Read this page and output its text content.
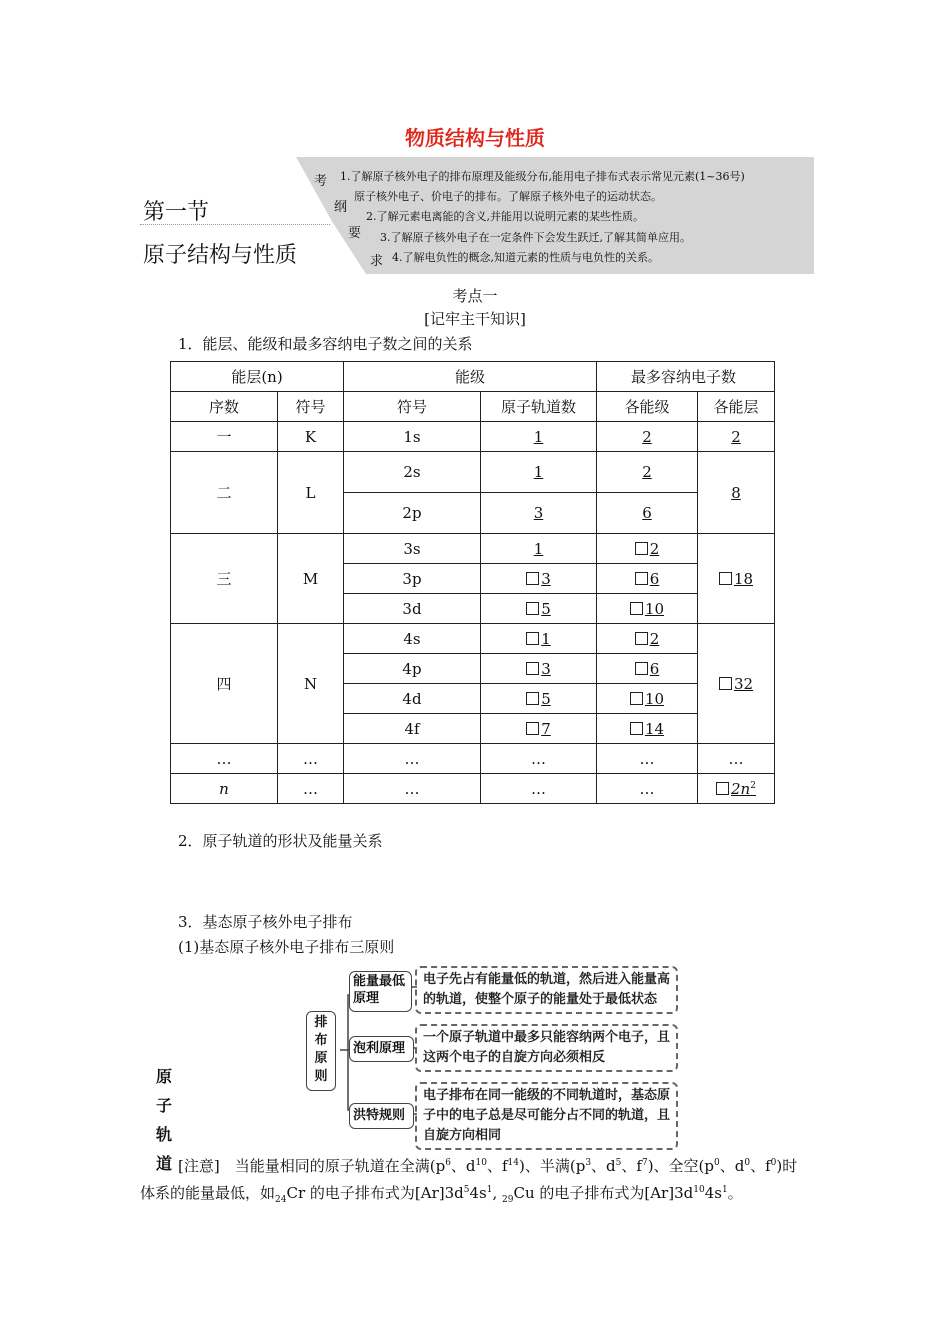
物质结构与性质
考
纲
要
求
1.了解原子核外电子的排布原理及能级分布,能用电子排布式表示常见元素(1~36号)
原子核外电子、价电子的排布。了解原子核外电子的运动状态。
2.了解元素电离能的含义,并能用以说明元素的某些性质。
3.了解原子核外电子在一定条件下会发生跃迁,了解其简单应用。
4.了解电负性的概念,知道元素的性质与电负性的关系。
第一节
原子结构与性质
考点一
[记牢主干知识]
1．能层、能级和最多容纳电子数之间的关系
能层(n)		能级		最多容纳电子数	
序数	符号	符号	原子轨道数	各能级	各能层
一	K	1s	1	2	2
二	L	2s	1	2	8
		2p	3	6	
三	M	3s	1	2	18
		3p	3	6	
		3d	5	10	
四	N	4s	1	2	32
		4p	3	6	
		4d	5	10	
		4f	7	14	
…	…	…	…	…	…
n	…	…	…	…	$2n^2$
2．原子轨道的形状及能量关系
3．基态原子核外电子排布
(1)基态原子核外电子排布三原则
排
布
原
则
能量最低
原理
泡利原理
洪特规则
电子先占有能量低的轨道，然后进入能量高
的轨道，使整个原子的能量处于最低状态
一个原子轨道中最多只能容纳两个电子，且
这两个电子的自旋方向必须相反
电子排布在同一能级的不同轨道时，基态原
子中的电子总是尽可能分占不同的轨道，且
自旋方向相同
原
子
轨
道 [注意]　当能量相同的原子轨道在全满($p^6$、$d^{10}$、$f^{14}$)、半满($p^3$、$d^5$、$f^7$)、全空($p^0$、$d^0$、$f^0$)时
体系的能量最低，如$_{24}$Cr 的电子排布式为$[Ar]3d^54s^1$, $_{29}$Cu 的电子排布式为$[Ar]3d^{10}4s^1$。
